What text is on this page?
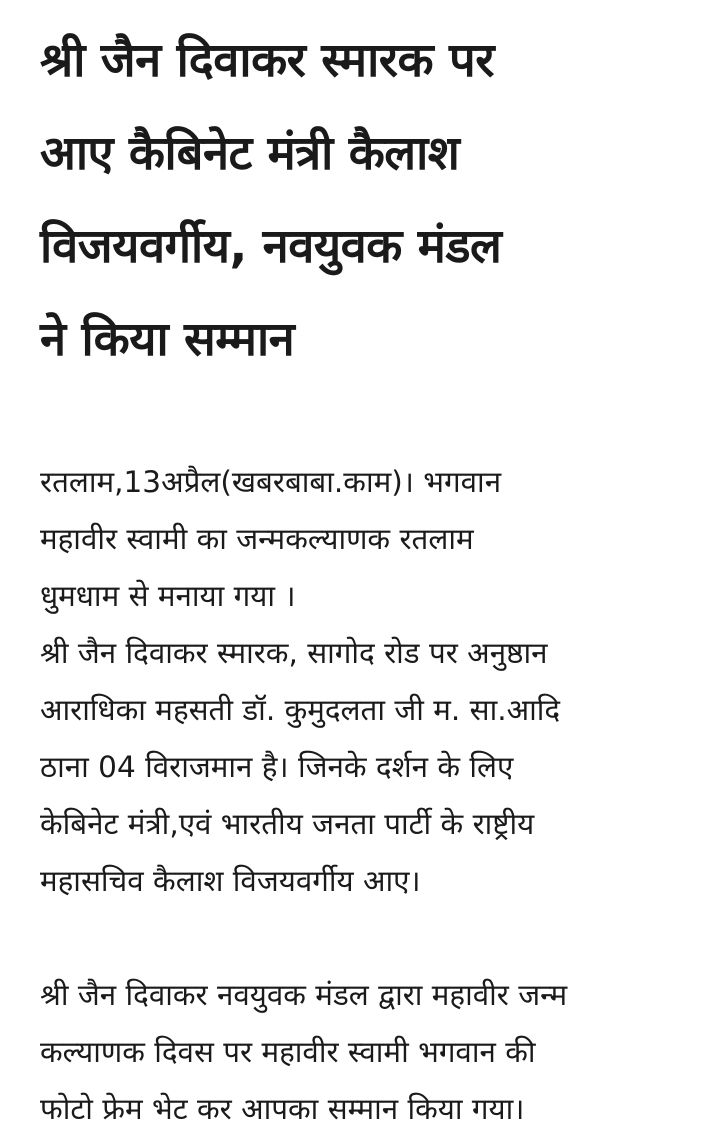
श्री जैन दिवाकर स्मारक पर
आए कैबिनेट मंत्री कैलाश
विजयवर्गीय, नवयुवक मंडल
ने किया सम्मान
रतलाम,13अप्रैल(खबरबाबा.काम)। भगवान
महावीर स्वामी का जन्मकल्याणक रतलाम
धुमधाम से मनाया गया ।
श्री जैन दिवाकर स्मारक, सागोद रोड पर अनुष्ठान
आराधिका महसती डॉ. कुमुदलता जी म. सा.आदि
ठाना 04 विराजमान है। जिनके दर्शन के लिए
केबिनेट मंत्री,एवं भारतीय जनता पार्टी के राष्ट्रीय
महासचिव कैलाश विजयवर्गीय आए।
श्री जैन दिवाकर नवयुवक मंडल द्वारा महावीर जन्म
कल्याणक दिवस पर महावीर स्वामी भगवान की
फोटो फ्रेम भेट कर आपका सम्मान किया गया।
